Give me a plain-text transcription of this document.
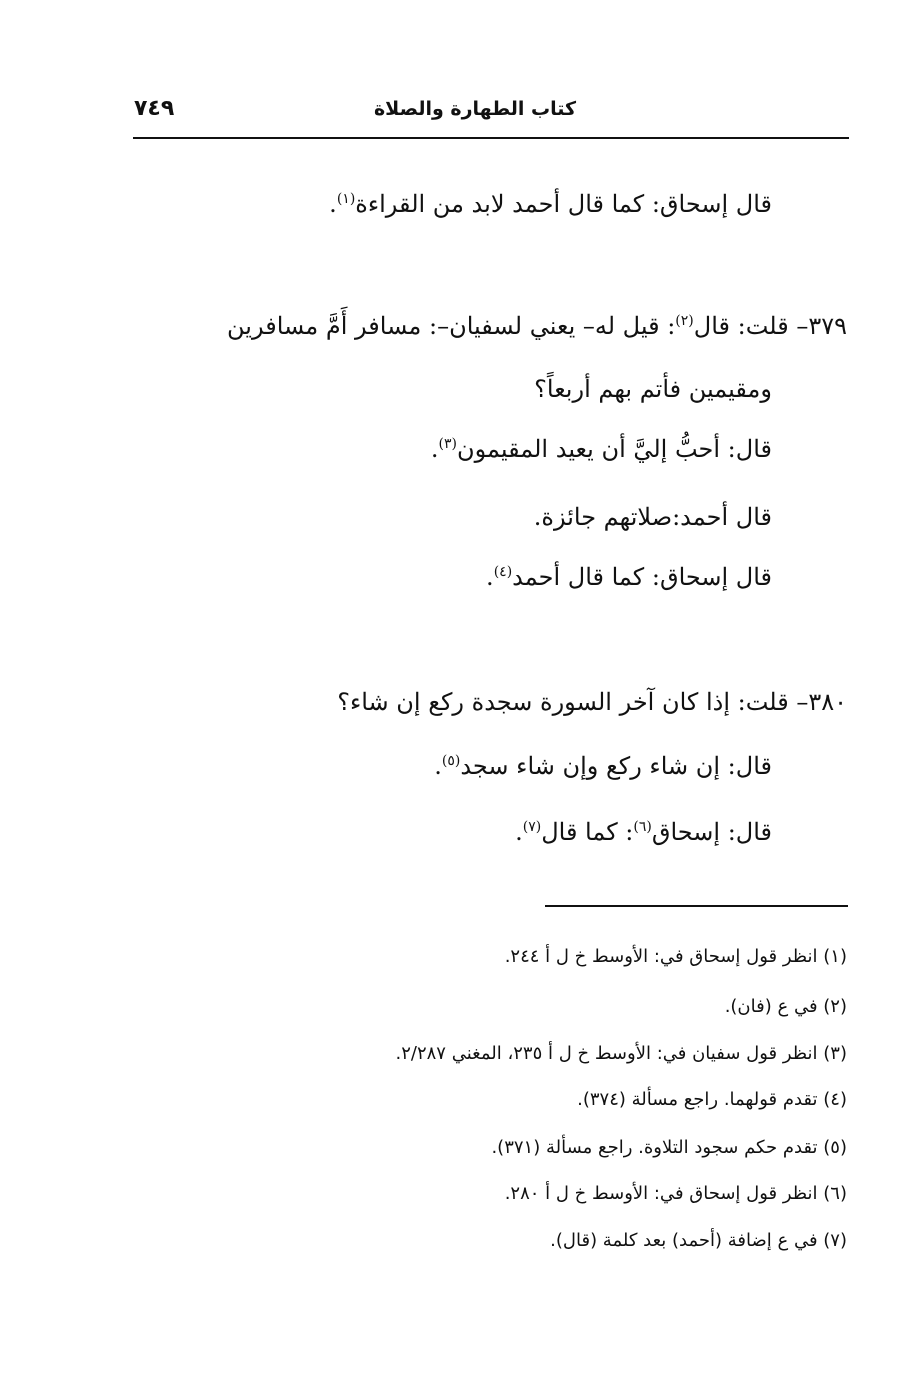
كتاب الطهارة والصلاة
٧٤٩
قال إسحاق: كما قال أحمد لابد من القراءة$^{(١)}$.
٣٧٩– قلت: قال$^{(٢)}$: قيل له– يعني لسفيان–: مسافر أَمَّ مسافرين
ومقيمين فأتم بهم أربعاً؟
قال: أحبُّ إليَّ أن يعيد المقيمون$^{(٣)}$.
قال أحمد:صلاتهم جائزة.
قال إسحاق: كما قال أحمد$^{(٤)}$.
٣٨٠– قلت: إذا كان آخر السورة سجدة ركع إن شاء؟
قال: إن شاء ركع وإن شاء سجد$^{(٥)}$.
قال: إسحاق$^{(٦)}$: كما قال$^{(٧)}$.
(١) انظر قول إسحاق في: الأوسط خ ل أ ٢٤٤.
(٢) في ع (فان).
(٣) انظر قول سفيان في: الأوسط خ ل أ ٢٣٥، المغني ٢/٢٨٧.
(٤) تقدم قولهما. راجع مسألة (٣٧٤).
(٥) تقدم حكم سجود التلاوة. راجع مسألة (٣٧١).
(٦) انظر قول إسحاق في: الأوسط خ ل أ ٢٨٠.
(٧) في ع إضافة (أحمد) بعد كلمة (قال).
